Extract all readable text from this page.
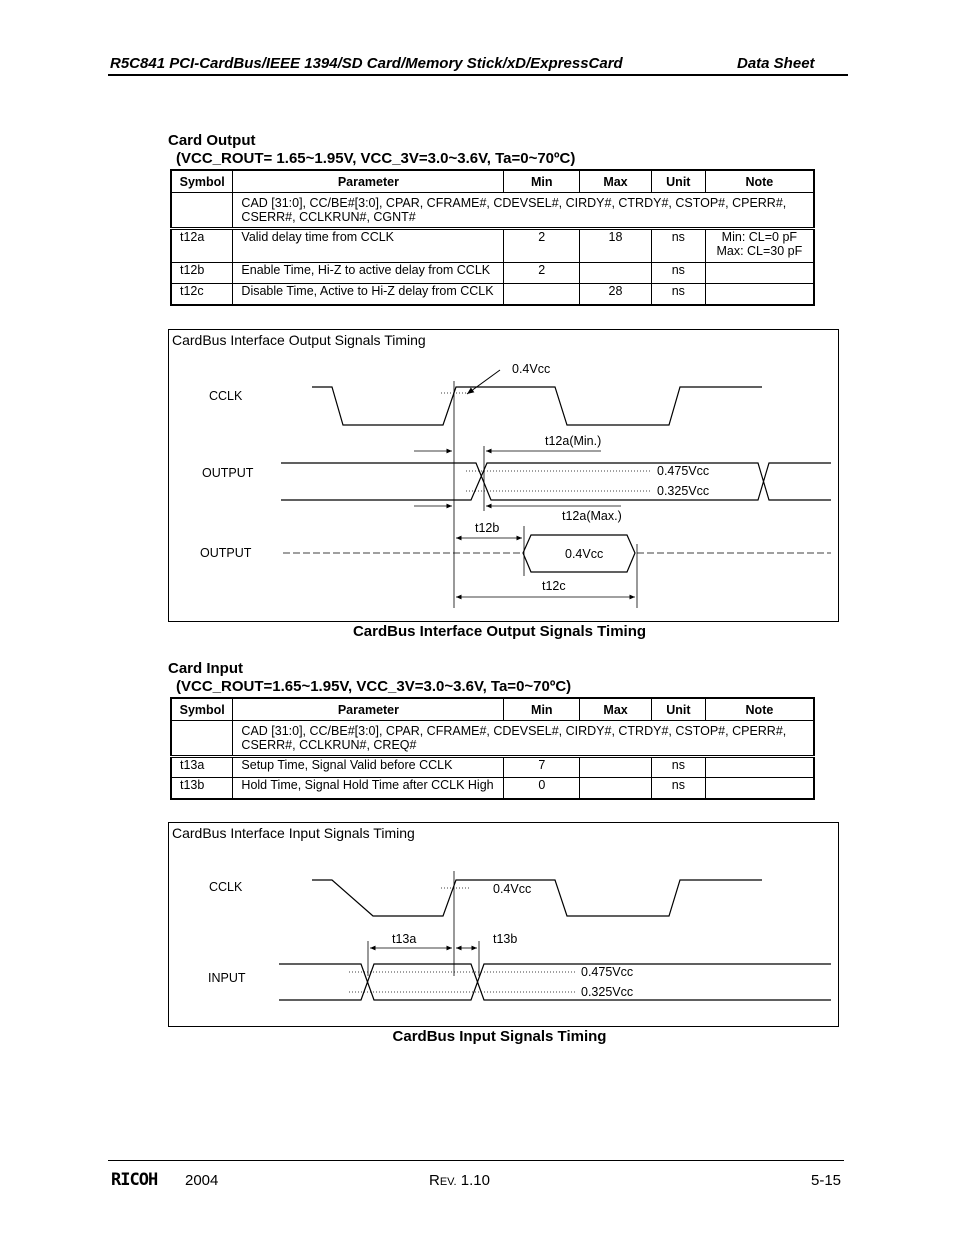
R5C841 PCI-CardBus/IEEE 1394/SD Card/Memory Stick/xD/ExpressCard	Data Sheet
Card Output
(VCC_ROUT= 1.65~1.95V, VCC_3V=3.0~3.6V, Ta=0~70ºC)
Symbol	Parameter	Min	Max	Unit	Note
	CAD [31:0], CC/BE#[3:0], CPAR, CFRAME#, CDEVSEL#, CIRDY#, CTRDY#, CSTOP#, CPERR#, CSERR#, CCLKRUN#, CGNT#				
t12a	Valid delay time from CCLK	2	18	ns	Min: CL=0 pF
Max: CL=30 pF

t12b	Enable Time, Hi-Z to active delay from CCLK	2		ns	
t12c	Disable Time, Active to Hi-Z delay from CCLK		28	ns	
CardBus Interface Output Signals Timing
CCLK
OUTPUT
OUTPUT
0.4Vcc
t12a(Min.)
0.475Vcc
0.325Vcc
t12a(Max.)
t12b
0.4Vcc
t12c
CardBus Interface Output Signals Timing
Card Input
(VCC_ROUT=1.65~1.95V, VCC_3V=3.0~3.6V, Ta=0~70ºC)
Symbol	Parameter	Min	Max	Unit	Note
	CAD [31:0], CC/BE#[3:0], CPAR, CFRAME#, CDEVSEL#, CIRDY#, CTRDY#, CSTOP#, CPERR#, CSERR#, CCLKRUN#, CREQ#				
t13a	Setup Time, Signal Valid before CCLK	7		ns	
t13b	Hold Time, Signal Hold Time after CCLK High	0		ns	
CardBus Interface Input Signals Timing
CCLK
INPUT
0.4Vcc
t13a	t13b
0.475Vcc
0.325Vcc
CardBus Input Signals Timing
RICOH 2004	REV. 1.10	5-15
